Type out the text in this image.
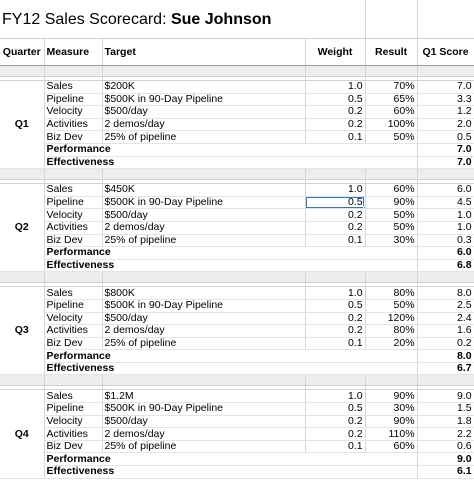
FY12 Sales Scorecard: Sue Johnson					
Quarter	Measure	Target	Weight	Result	Q1 Score

Q1	Sales	$200K	1.0	70%	7.0
	Pipeline	$500K in 90-Day Pipeline	0.5	65%	3.3
	Velocity	$500/day	0.2	60%	1.2
	Activities	2 demos/day	0.2	100%	2.0
	Biz Dev	25% of pipeline	0.1	50%	0.5
	Performance				7.0
	Effectiveness				7.0

Q2	Sales	$450K	1.0	60%	6.0
	Pipeline	$500K in 90-Day Pipeline	0.5	90%	4.5
	Velocity	$500/day	0.2	50%	1.0
	Activities	2 demos/day	0.2	50%	1.0
	Biz Dev	25% of pipeline	0.1	30%	0.3
	Performance				6.0
	Effectiveness				6.8

Q3	Sales	$800K	1.0	80%	8.0
	Pipeline	$500K in 90-Day Pipeline	0.5	50%	2.5
	Velocity	$500/day	0.2	120%	2.4
	Activities	2 demos/day	0.2	80%	1.6
	Biz Dev	25% of pipeline	0.1	20%	0.2
	Performance				8.0
	Effectiveness				6.7

Q4	Sales	$1.2M	1.0	90%	9.0
	Pipeline	$500K in 90-Day Pipeline	0.5	30%	1.5
	Velocity	$500/day	0.2	90%	1.8
	Activities	2 demos/day	0.2	110%	2.2
	Biz Dev	25% of pipeline	0.1	60%	0.6
	Performance				9.0
	Effectiveness				6.1
